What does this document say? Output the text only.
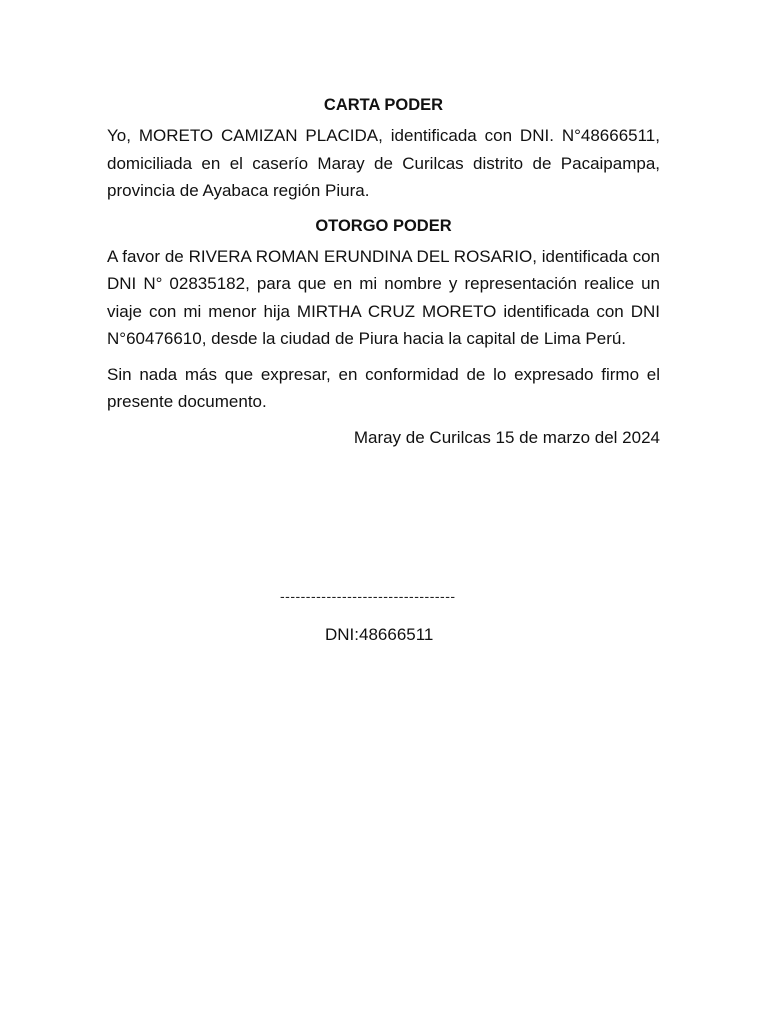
CARTA PODER

Yo, MORETO CAMIZAN PLACIDA, identificada con DNI. N°48666511, domiciliada en el caserío Maray de Curilcas distrito de Pacaipampa, provincia de Ayabaca región Piura.

OTORGO PODER

A favor de RIVERA ROMAN ERUNDINA DEL ROSARIO, identificada con DNI N° 02835182, para que en mi nombre y representación realice un viaje con mi menor hija MIRTHA CRUZ MORETO identificada con DNI N°60476610, desde la ciudad de Piura hacia la capital de Lima Perú.

Sin nada más que expresar, en conformidad de lo expresado firmo el presente documento.

Maray de Curilcas 15 de marzo del 2024

----------------------------------
DNI:48666511
